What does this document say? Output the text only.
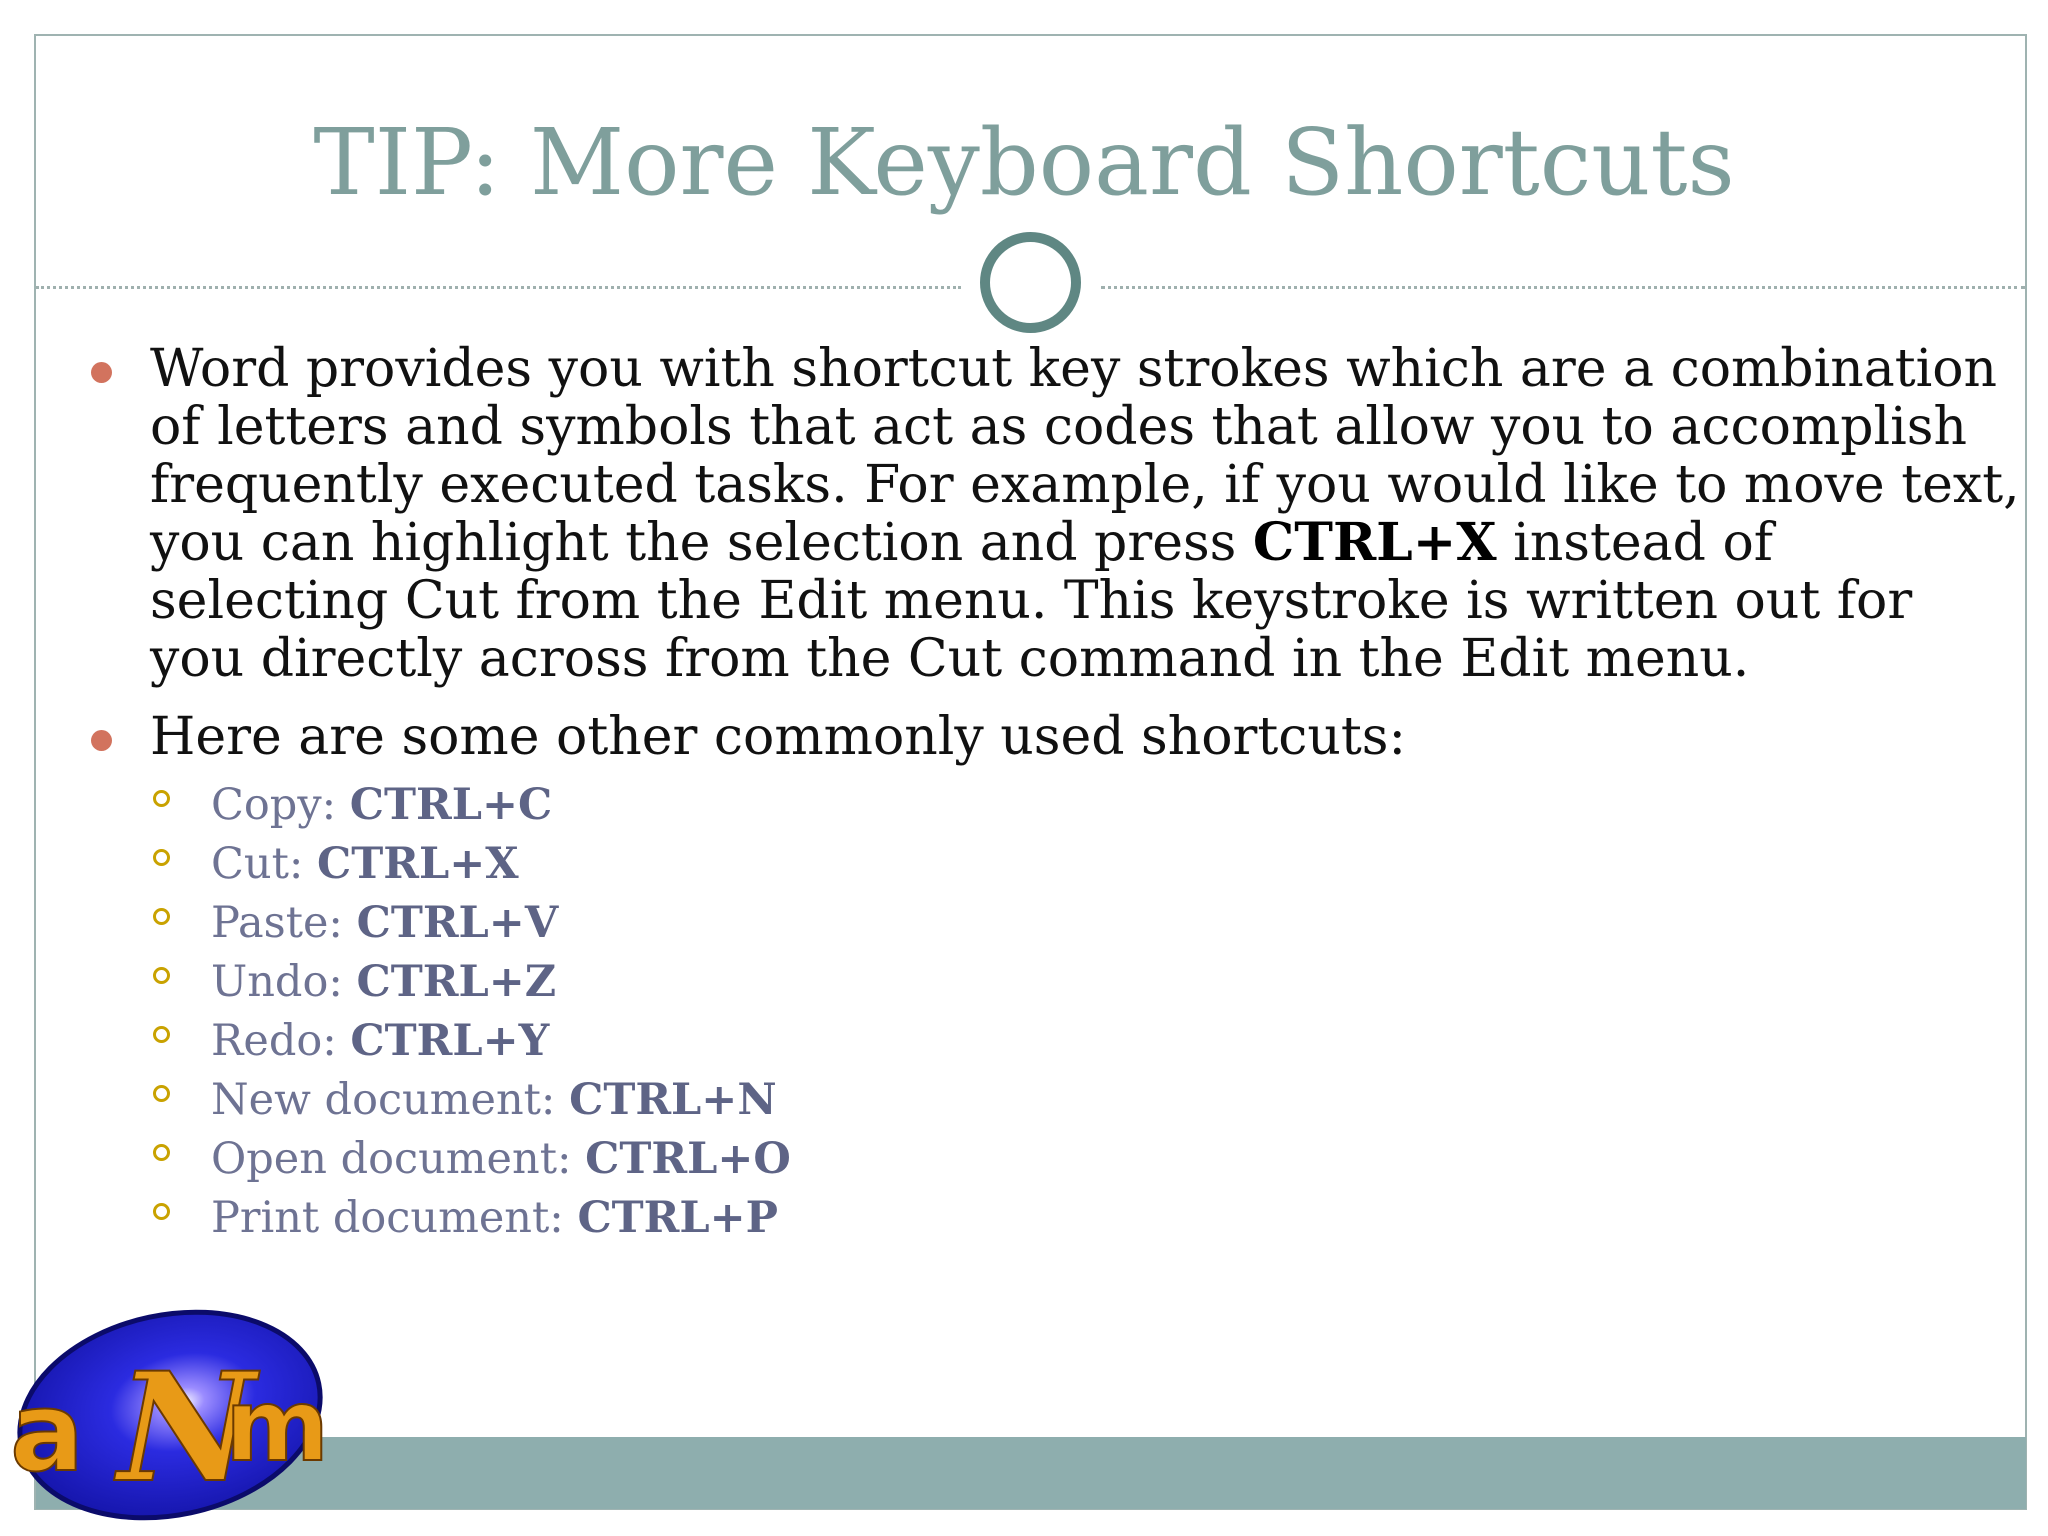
TIP: More Keyboard Shortcuts

Word provides you with shortcut key strokes which are a combination of letters and symbols that act as codes that allow you to accomplish frequently executed tasks. For example, if you would like to move text, you can highlight the selection and press CTRL+X instead of selecting Cut from the Edit menu. This keystroke is written out for you directly across from the Cut command in the Edit menu.

Here are some other commonly used shortcuts:

Copy: CTRL+C
Cut: CTRL+X
Paste: CTRL+V
Undo: CTRL+Z
Redo: CTRL+Y
New document: CTRL+N
Open document: CTRL+O
Print document: CTRL+P
a N
m
